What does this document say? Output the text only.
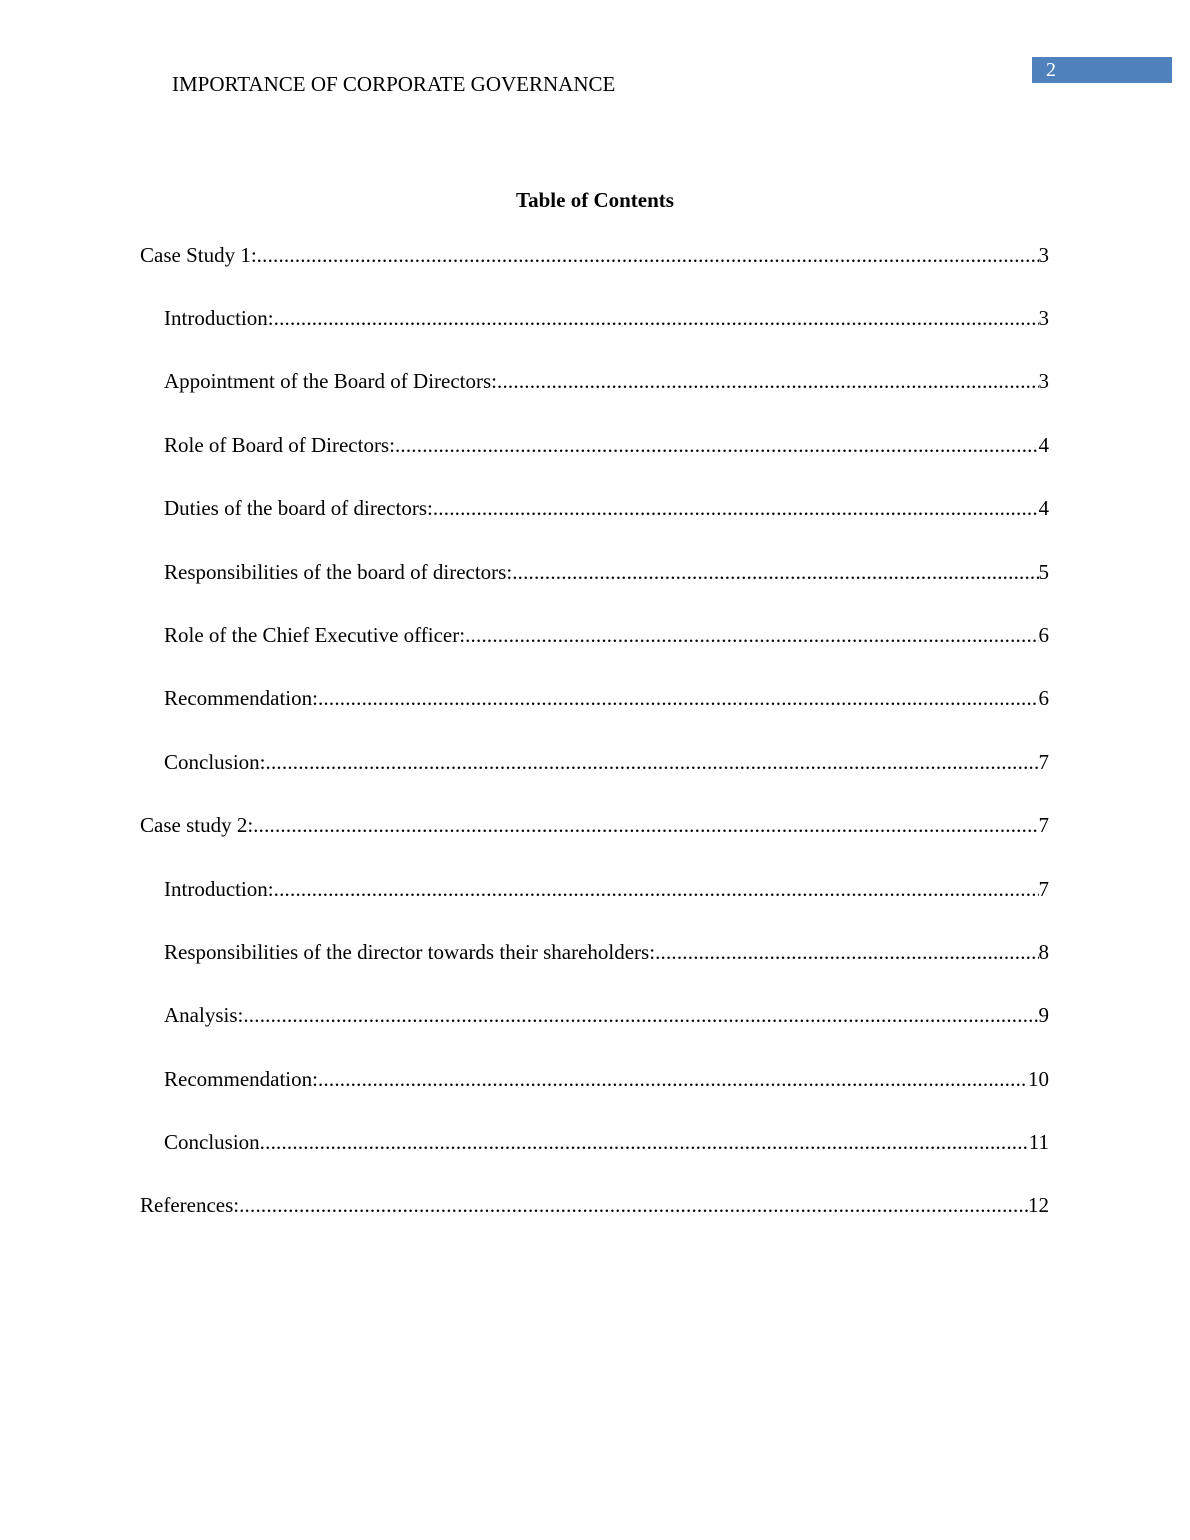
2
IMPORTANCE OF CORPORATE GOVERNANCE
Table of Contents
Case Study 1: .....	3
Introduction: .....	3
Appointment of the Board of Directors: .....	3
Role of Board of Directors: .....	4
Duties of the board of directors: .....	4
Responsibilities of the board of directors: .....	5
Role of the Chief Executive officer: .....	6
Recommendation: .....	6
Conclusion: .....	7
Case study 2: .....	7
Introduction: .....	7
Responsibilities of the director towards their shareholders: .....	8
Analysis: .....	9
Recommendation: .....	10
Conclusion .....	11
References: .....	12
